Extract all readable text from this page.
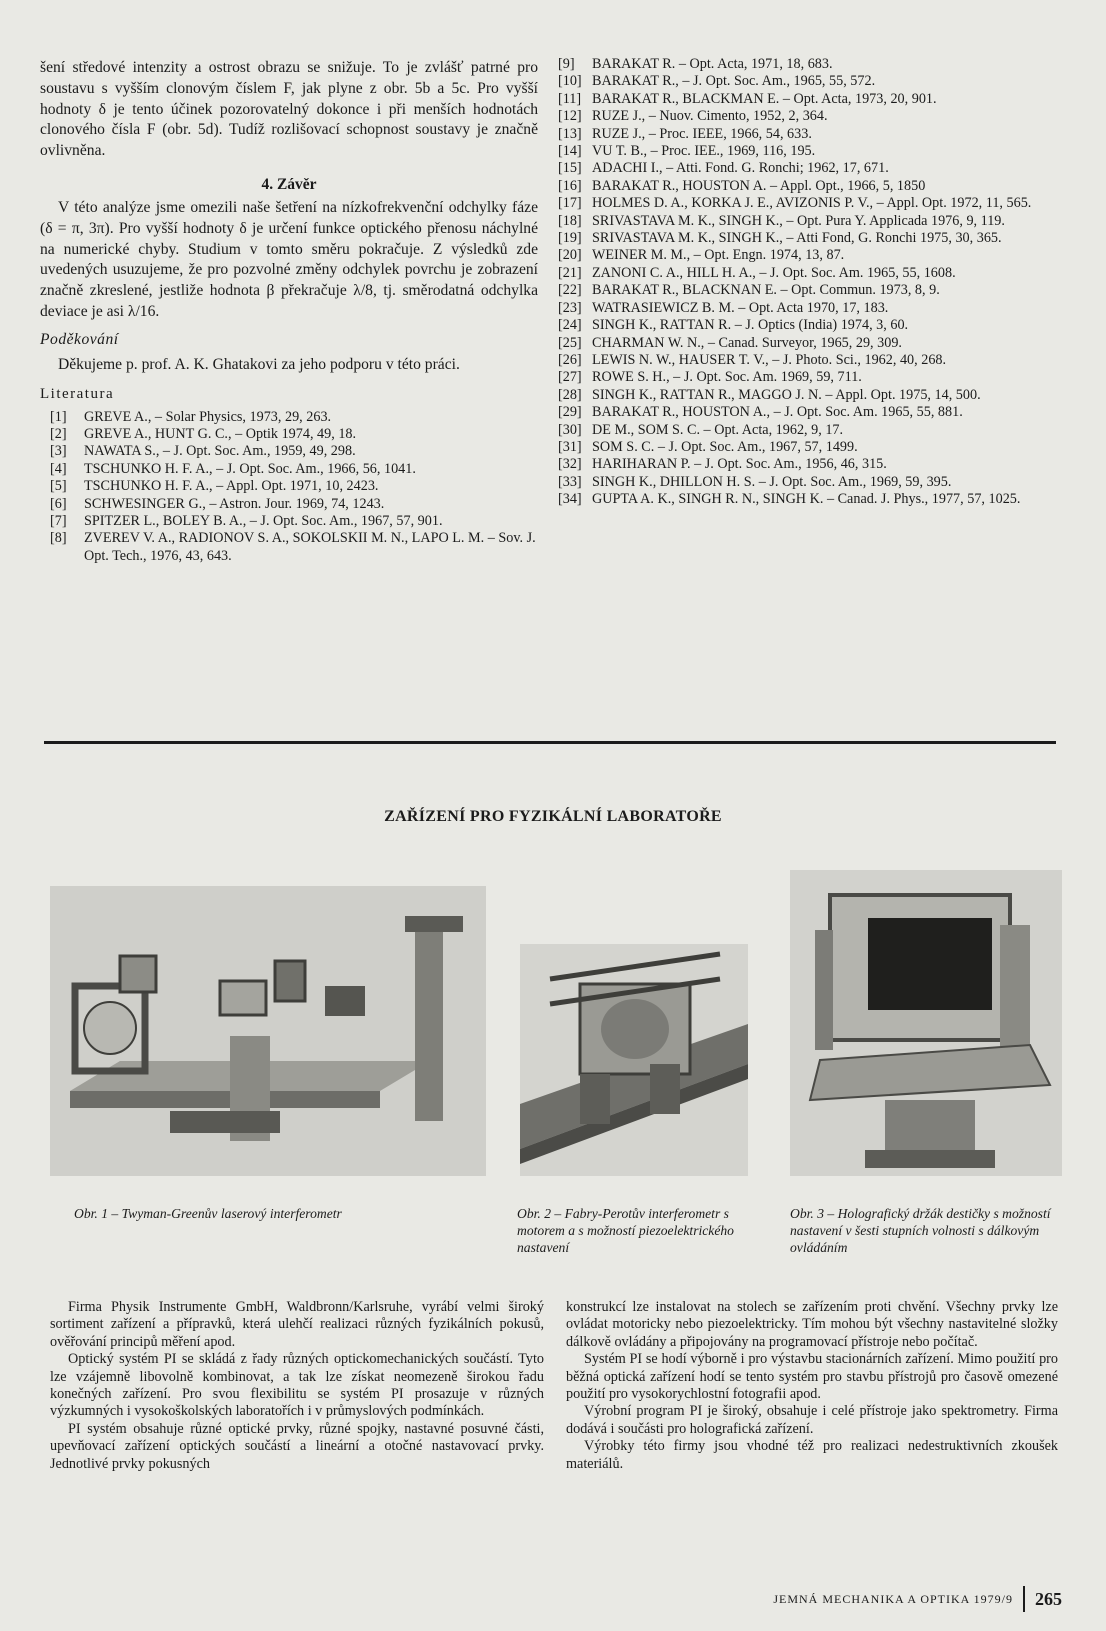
šení středové intenzity a ostrost obrazu se snižuje. To je zvlášť patrné pro soustavu s vyšším clonovým číslem F, jak plyne z obr. 5b a 5c. Pro vyšší hodnoty δ je tento účinek pozorovatelný dokonce i při menších hodnotách clonového čísla F (obr. 5d). Tudíž rozlišovací schopnost soustavy je značně ovlivněna.

4. Závěr

V této analýze jsme omezili naše šetření na nízkofrekvenční odchylky fáze (δ = π, 3π). Pro vyšší hodnoty δ je určení funkce optického přenosu náchylné na numerické chyby. Studium v tomto směru pokračuje. Z výsledků zde uvedených usuzujeme, že pro pozvolné změny odchylek povrchu je zobrazení značně zkreslené, jestliže hodnota β překračuje λ/8, tj. směrodatná odchylka deviace je asi λ/16.

Poděkování

Děkujeme p. prof. A. K. Ghatakovi za jeho podporu v této práci.

Literatura

[1]	GREVE A., – Solar Physics, 1973, 29, 263.
[2]	GREVE A., HUNT G. C., – Optik 1974, 49, 18.
[3]	NAWATA S., – J. Opt. Soc. Am., 1959, 49, 298.
[4]	TSCHUNKO H. F. A., – J. Opt. Soc. Am., 1966, 56, 1041.
[5]	TSCHUNKO H. F. A., – Appl. Opt. 1971, 10, 2423.
[6]	SCHWESINGER G., – Astron. Jour. 1969, 74, 1243.
[7]	SPITZER L., BOLEY B. A., – J. Opt. Soc. Am., 1967, 57, 901.
[8]	ZVEREV V. A., RADIONOV S. A., SOKOLSKII M. N., LAPO L. M. – Sov. J. Opt. Tech., 1976, 43, 643.
[9]	BARAKAT R. – Opt. Acta, 1971, 18, 683.
[10] BARAKAT R., – J. Opt. Soc. Am., 1965, 55, 572.
[11] BARAKAT R., BLACKMAN E. – Opt. Acta, 1973, 20, 901.
[12] RUZE J., – Nuov. Cimento, 1952, 2, 364.
[13] RUZE J., – Proc. IEEE, 1966, 54, 633.
[14] VU T. B., – Proc. IEE., 1969, 116, 195.
[15] ADACHI I., – Atti. Fond. G. Ronchi; 1962, 17, 671.
[16] BARAKAT R., HOUSTON A. – Appl. Opt., 1966, 5, 1850
[17] HOLMES D. A., KORKA J. E., AVIZONIS P. V., – Appl. Opt. 1972, 11, 565.
[18] SRIVASTAVA M. K., SINGH K., – Opt. Pura Y. Applicada 1976, 9, 119.
[19] SRIVASTAVA M. K., SINGH K., – Atti Fond, G. Ronchi 1975, 30, 365.
[20] WEINER M. M., – Opt. Engn. 1974, 13, 87.
[21] ZANONI C. A., HILL H. A., – J. Opt. Soc. Am. 1965, 55, 1608.
[22] BARAKAT R., BLACKNAN E. – Opt. Commun. 1973, 8, 9.
[23] WATRASIEWICZ B. M. – Opt. Acta 1970, 17, 183.
[24] SINGH K., RATTAN R. – J. Optics (India) 1974, 3, 60.
[25] CHARMAN W. N., – Canad. Surveyor, 1965, 29, 309.
[26] LEWIS N. W., HAUSER T. V., – J. Photo. Sci., 1962, 40, 268.
[27] ROWE S. H., – J. Opt. Soc. Am. 1969, 59, 711.
[28] SINGH K., RATTAN R., MAGGO J. N. – Appl. Opt. 1975, 14, 500.
[29] BARAKAT R., HOUSTON A., – J. Opt. Soc. Am. 1965, 55, 881.
[30] DE M., SOM S. C. – Opt. Acta, 1962, 9, 17.
[31] SOM S. C. – J. Opt. Soc. Am., 1967, 57, 1499.
[32] HARIHARAN P. – J. Opt. Soc. Am., 1956, 46, 315.
[33] SINGH K., DHILLON H. S. – J. Opt. Soc. Am., 1969, 59, 395.
[34] GUPTA A. K., SINGH R. N., SINGH K. – Canad. J. Phys., 1977, 57, 1025.
ZAŘÍZENÍ PRO FYZIKÁLNÍ LABORATOŘE
Obr. 1 – Twyman-Greenův laserový interferometr	Obr. 2 – Fabry-Perotův interferometr s motorem a s možností piezoelektrického nastavení
Obr. 3 – Holografický držák destičky s možností nastavení v šesti stupních volnosti s dálkovým ovládáním

Firma Physik Instrumente GmbH, Waldbronn/Karlsruhe, vyrábí velmi široký sortiment zařízení a přípravků, která ulehčí realizaci různých fyzikálních pokusů, ověřování principů měření apod.

Optický systém PI se skládá z řady různých optickomechanických součástí. Tyto lze vzájemně libovolně kombinovat, a tak lze získat neomezeně širokou řadu konečných zařízení. Pro svou flexibilitu se systém PI prosazuje v různých výzkumných i vysokoškolských laboratořích i v průmyslových podmínkách.

PI systém obsahuje různé optické prvky, různé spojky, nastavné posuvné části, upevňovací zařízení optických součástí a lineární a otočné nastavovací prvky. Jednotlivé prvky pokusných

konstrukcí lze instalovat na stolech se zařízením proti chvění. Všechny prvky lze ovládat motoricky nebo piezoelektricky. Tím mohou být všechny nastavitelné složky dálkově ovládány a připojovány na programovací přístroje nebo počítač.

Systém PI se hodí výborně i pro výstavbu stacionárních zařízení. Mimo použití pro běžná optická zařízení hodí se tento systém pro stavbu přístrojů pro časově omezené použití pro vysokorychlostní fotografii apod.

Výrobní program PI je široký, obsahuje i celé přístroje jako spektrometry. Firma dodává i součásti pro holografická zařízení.

Výrobky této firmy jsou vhodné též pro realizaci nedestruktivních zkoušek materiálů.

JEMNÁ MECHANIKA A OPTIKA 1979/9 265
